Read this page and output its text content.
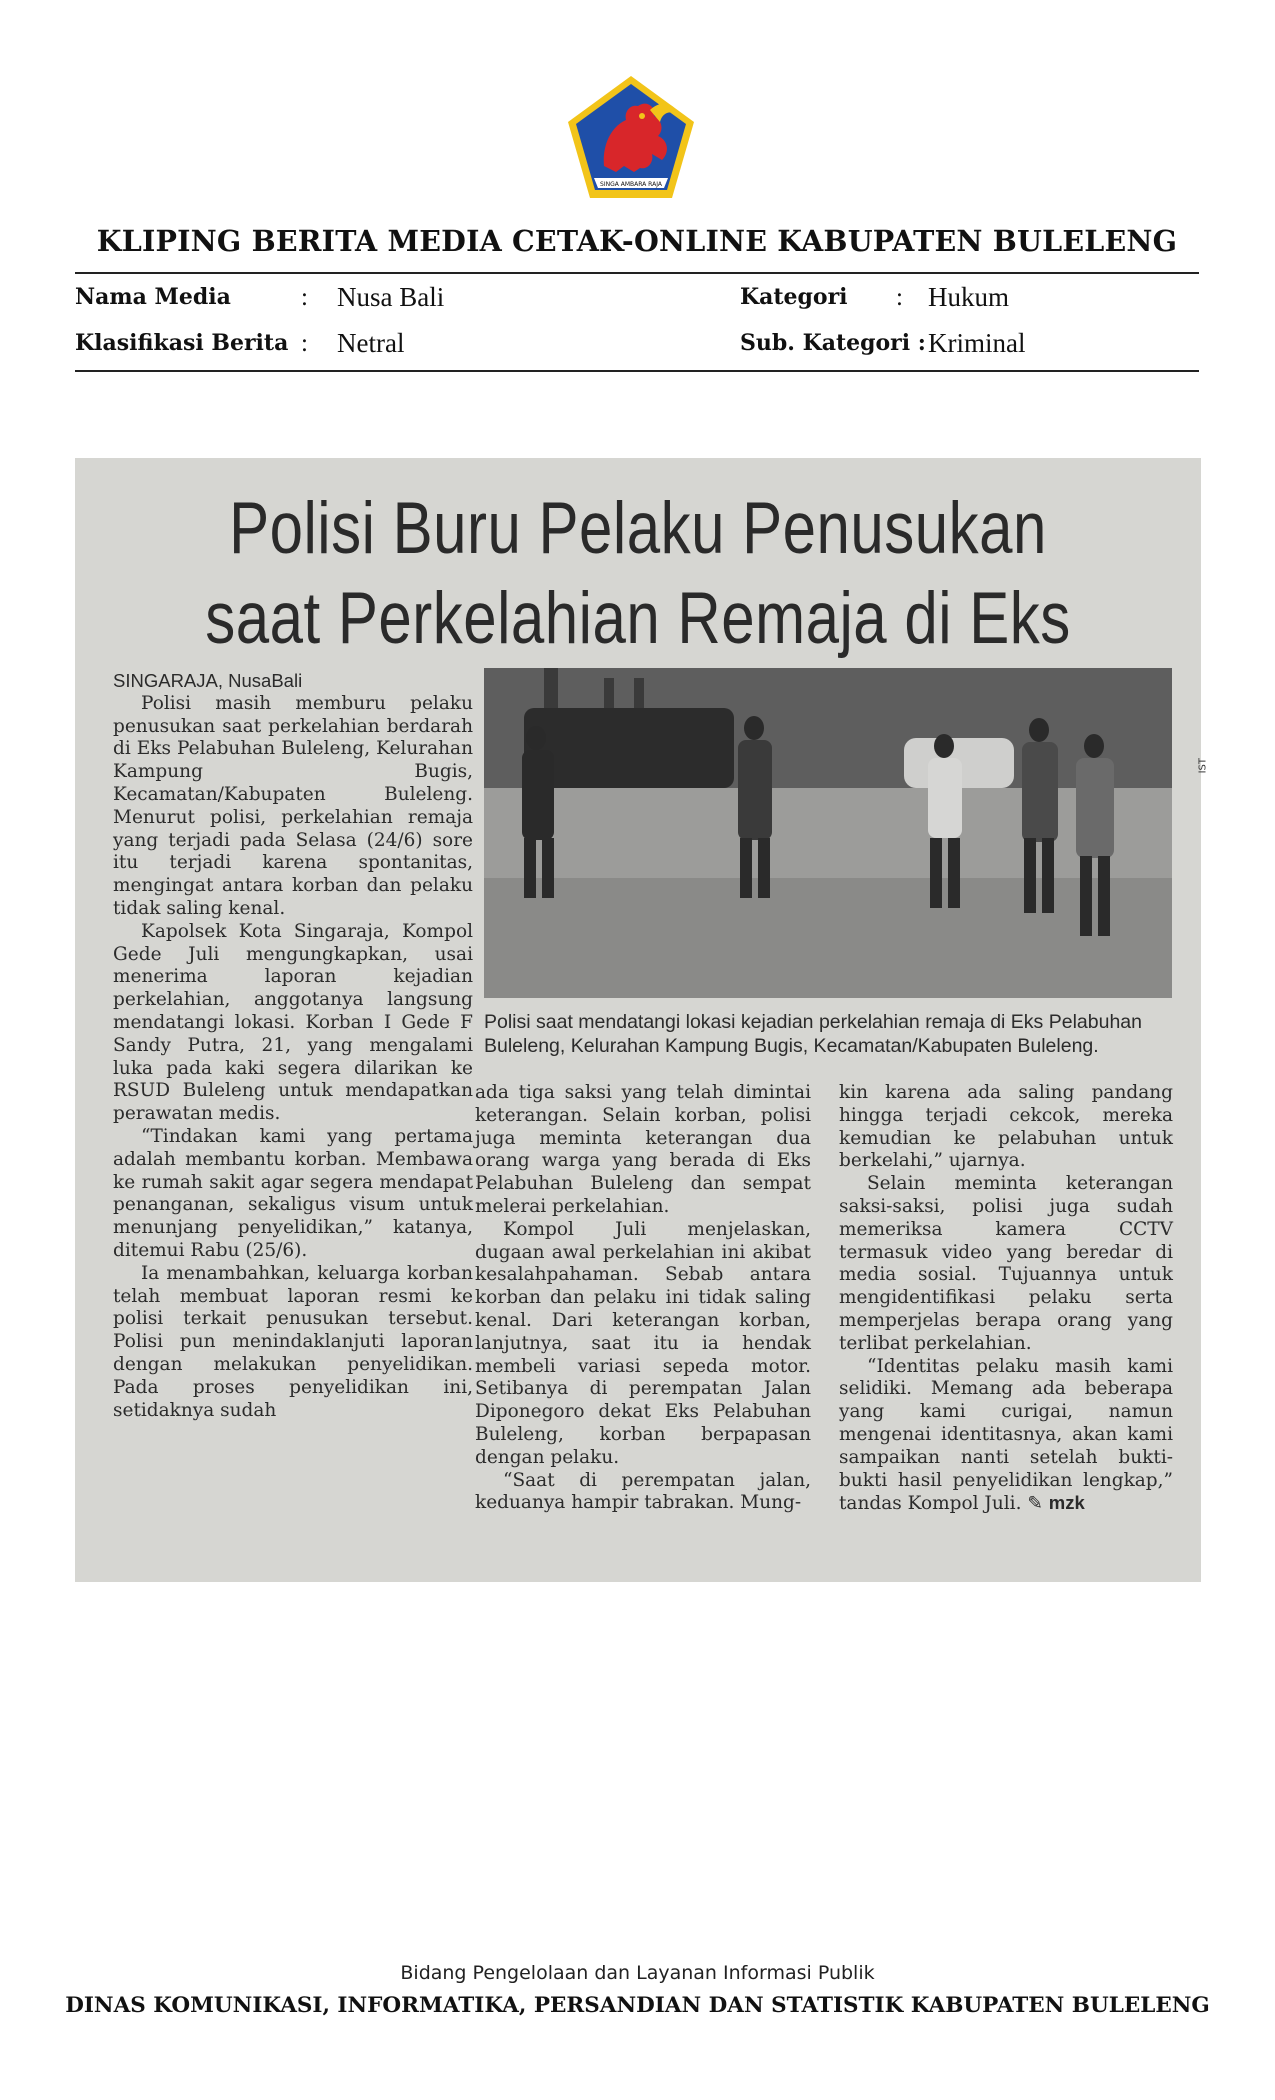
SINGA AMBARA RAJA
KLIPING BERITA MEDIA CETAK-ONLINE KABUPATEN BULELENG
Nama Media	: Nusa Bali
Klasifikasi Berita : Netral
Kategori : Hukum
Sub. Kategori : Kriminal
Polisi Buru Pelaku Penusukan
saat Perkelahian Remaja di Eks
IST
Polisi saat mendatangi lokasi kejadian perkelahian remaja di Eks Pelabuhan Buleleng, Kelurahan Kampung Bugis, Kecamatan/Kabupaten Buleleng.

SINGARAJA, NusaBali

Polisi masih memburu pelaku penusukan saat perkelahian berdarah di Eks Pelabuhan Buleleng, Kelurahan Kampung Bugis, Kecamatan/Kabupaten Buleleng. Menurut polisi, perkelahian remaja yang terjadi pada Selasa (24/6) sore itu terjadi karena spontanitas, mengingat antara korban dan pelaku tidak saling kenal.

Kapolsek Kota Singaraja, Kompol Gede Juli mengungkapkan, usai menerima laporan kejadian perkelahian, anggotanya langsung mendatangi lokasi. Korban I Gede F Sandy Putra, 21, yang mengalami luka pada kaki segera dilarikan ke RSUD Buleleng untuk mendapatkan perawatan medis.

“Tindakan kami yang pertama adalah membantu korban. Membawa ke rumah sakit agar segera mendapat penanganan, sekaligus visum untuk menunjang penyelidikan,” katanya, ditemui Rabu (25/6).

Ia menambahkan, keluarga korban telah membuat laporan resmi ke polisi terkait penusukan tersebut. Polisi pun menindaklanjuti laporan dengan melakukan penyelidikan. Pada proses penyelidikan ini, setidaknya sudah

ada tiga saksi yang telah dimintai keterangan. Selain korban, polisi juga meminta keterangan dua orang warga yang berada di Eks Pelabuhan Buleleng dan sempat melerai perkelahian.

Kompol Juli menjelaskan, dugaan awal perkelahian ini akibat kesalahpahaman. Sebab antara korban dan pelaku ini tidak saling kenal. Dari keterangan korban, lanjutnya, saat itu ia hendak membeli variasi sepeda motor. Setibanya di perempatan Jalan Diponegoro dekat Eks Pelabuhan Buleleng, korban berpapasan dengan pelaku.

“Saat di perempatan jalan, keduanya hampir tabrakan. Mung-

kin karena ada saling pandang hingga terjadi cekcok, mereka kemudian ke pelabuhan untuk berkelahi,” ujarnya.

Selain meminta keterangan saksi-saksi, polisi juga sudah memeriksa kamera CCTV termasuk video yang beredar di media sosial. Tujuannya untuk mengidentifikasi pelaku serta memperjelas berapa orang yang terlibat perkelahian.

“Identitas pelaku masih kami selidiki. Memang ada beberapa yang kami curigai, namun mengenai identitasnya, akan kami sampaikan nanti setelah bukti-bukti hasil penyelidikan lengkap,” tandas Kompol Juli. ✎ mzk

Bidang Pengelolaan dan Layanan Informasi Publik
DINAS KOMUNIKASI, INFORMATIKA, PERSANDIAN DAN STATISTIK KABUPATEN BULELENG
